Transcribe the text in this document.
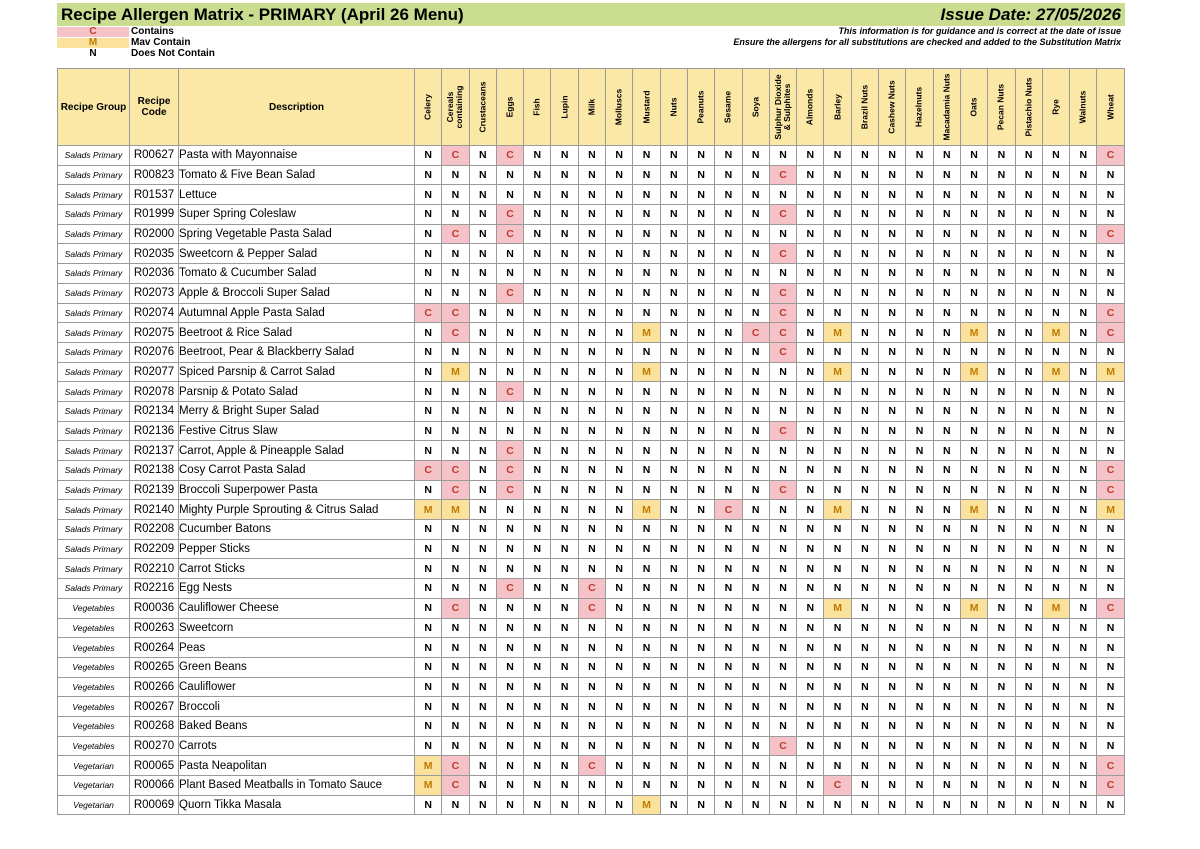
Recipe Allergen Matrix - PRIMARY (April 26 Menu)	Issue Date: 27/05/2026
C	Contains
M	Mav Contain
N	Does Not Contain
This information is for guidance and is correct at the date of issue
Ensure the allergens for all substitutions are checked and added to the Substitution Matrix
Recipe Group	Recipe Code	Description	Celery	Cereals containing	Crustaceans	Eggs	Fish	Lupin	Milk	Molluscs	Mustard	Nuts	Peanuts	Sesame	Soya	Sulphur Dioxide & Sulphites	Almonds	Barley	Brazil Nuts	Cashew Nuts	Hazelnuts	Macadamia Nuts	Oats	Pecan Nuts	Pistachio Nuts	Rye	Walnuts	Wheat

Salads Primary	R00627	Pasta with Mayonnaise	N	C	N	C	N	N	N	N	N	N	N	N	N	N	N	N	N	N	N	N	N	N	N	N	N	C
Salads Primary	R00823	Tomato & Five Bean Salad	N	N	N	N	N	N	N	N	N	N	N	N	N	C	N	N	N	N	N	N	N	N	N	N	N	N
Salads Primary	R01537	Lettuce	N	N	N	N	N	N	N	N	N	N	N	N	N	N	N	N	N	N	N	N	N	N	N	N	N	N
Salads Primary	R01999	Super Spring Coleslaw	N	N	N	C	N	N	N	N	N	N	N	N	N	C	N	N	N	N	N	N	N	N	N	N	N	N
Salads Primary	R02000	Spring Vegetable Pasta Salad	N	C	N	C	N	N	N	N	N	N	N	N	N	N	N	N	N	N	N	N	N	N	N	N	N	C
Salads Primary	R02035	Sweetcorn & Pepper Salad	N	N	N	N	N	N	N	N	N	N	N	N	N	C	N	N	N	N	N	N	N	N	N	N	N	N
Salads Primary	R02036	Tomato & Cucumber Salad	N	N	N	N	N	N	N	N	N	N	N	N	N	N	N	N	N	N	N	N	N	N	N	N	N	N
Salads Primary	R02073	Apple & Broccoli Super Salad	N	N	N	C	N	N	N	N	N	N	N	N	N	C	N	N	N	N	N	N	N	N	N	N	N	N
Salads Primary	R02074	Autumnal Apple Pasta Salad	C	C	N	N	N	N	N	N	N	N	N	N	N	C	N	N	N	N	N	N	N	N	N	N	N	C
Salads Primary	R02075	Beetroot & Rice Salad	N	C	N	N	N	N	N	N	M	N	N	N	C	C	N	M	N	N	N	N	M	N	N	M	N	C
Salads Primary	R02076	Beetroot, Pear & Blackberry Salad	N	N	N	N	N	N	N	N	N	N	N	N	N	C	N	N	N	N	N	N	N	N	N	N	N	N
Salads Primary	R02077	Spiced Parsnip & Carrot Salad	N	M	N	N	N	N	N	N	M	N	N	N	N	N	N	M	N	N	N	N	M	N	N	M	N	M
Salads Primary	R02078	Parsnip & Potato Salad	N	N	N	C	N	N	N	N	N	N	N	N	N	N	N	N	N	N	N	N	N	N	N	N	N	N
Salads Primary	R02134	Merry & Bright Super Salad	N	N	N	N	N	N	N	N	N	N	N	N	N	N	N	N	N	N	N	N	N	N	N	N	N	N
Salads Primary	R02136	Festive Citrus Slaw	N	N	N	N	N	N	N	N	N	N	N	N	N	C	N	N	N	N	N	N	N	N	N	N	N	N
Salads Primary	R02137	Carrot, Apple & Pineapple Salad	N	N	N	C	N	N	N	N	N	N	N	N	N	N	N	N	N	N	N	N	N	N	N	N	N	N
Salads Primary	R02138	Cosy Carrot Pasta Salad	C	C	N	C	N	N	N	N	N	N	N	N	N	N	N	N	N	N	N	N	N	N	N	N	N	C
Salads Primary	R02139	Broccoli Superpower Pasta	N	C	N	C	N	N	N	N	N	N	N	N	N	C	N	N	N	N	N	N	N	N	N	N	N	C
Salads Primary	R02140	Mighty Purple Sprouting & Citrus Salad	M	M	N	N	N	N	N	N	M	N	N	C	N	N	N	M	N	N	N	N	M	N	N	N	N	M
Salads Primary	R02208	Cucumber Batons	N	N	N	N	N	N	N	N	N	N	N	N	N	N	N	N	N	N	N	N	N	N	N	N	N	N
Salads Primary	R02209	Pepper Sticks	N	N	N	N	N	N	N	N	N	N	N	N	N	N	N	N	N	N	N	N	N	N	N	N	N	N
Salads Primary	R02210	Carrot Sticks	N	N	N	N	N	N	N	N	N	N	N	N	N	N	N	N	N	N	N	N	N	N	N	N	N	N
Salads Primary	R02216	Egg Nests	N	N	N	C	N	N	C	N	N	N	N	N	N	N	N	N	N	N	N	N	N	N	N	N	N	N
Vegetables	R00036	Cauliflower Cheese	N	C	N	N	N	N	C	N	N	N	N	N	N	N	N	M	N	N	N	N	M	N	N	M	N	C
Vegetables	R00263	Sweetcorn	N	N	N	N	N	N	N	N	N	N	N	N	N	N	N	N	N	N	N	N	N	N	N	N	N	N
Vegetables	R00264	Peas	N	N	N	N	N	N	N	N	N	N	N	N	N	N	N	N	N	N	N	N	N	N	N	N	N	N
Vegetables	R00265	Green Beans	N	N	N	N	N	N	N	N	N	N	N	N	N	N	N	N	N	N	N	N	N	N	N	N	N	N
Vegetables	R00266	Cauliflower	N	N	N	N	N	N	N	N	N	N	N	N	N	N	N	N	N	N	N	N	N	N	N	N	N	N
Vegetables	R00267	Broccoli	N	N	N	N	N	N	N	N	N	N	N	N	N	N	N	N	N	N	N	N	N	N	N	N	N	N
Vegetables	R00268	Baked Beans	N	N	N	N	N	N	N	N	N	N	N	N	N	N	N	N	N	N	N	N	N	N	N	N	N	N
Vegetables	R00270	Carrots	N	N	N	N	N	N	N	N	N	N	N	N	N	C	N	N	N	N	N	N	N	N	N	N	N	N
Vegetarian	R00065	Pasta Neapolitan	M	C	N	N	N	N	C	N	N	N	N	N	N	N	N	N	N	N	N	N	N	N	N	N	N	C
Vegetarian	R00066	Plant Based Meatballs in Tomato Sauce	M	C	N	N	N	N	N	N	N	N	N	N	N	N	N	C	N	N	N	N	N	N	N	N	N	C
Vegetarian	R00069	Quorn Tikka Masala	N	N	N	N	N	N	N	N	M	N	N	N	N	N	N	N	N	N	N	N	N	N	N	N	N	N
